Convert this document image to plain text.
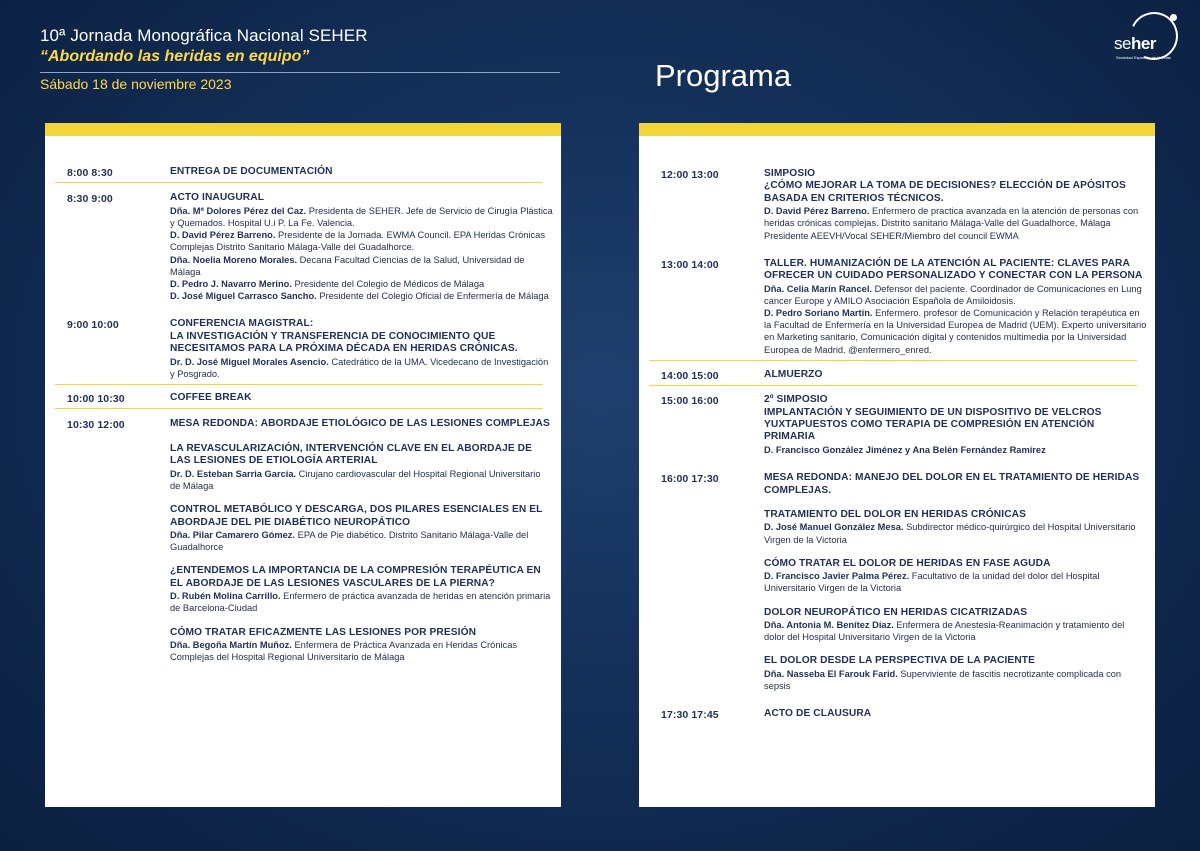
10ª Jornada Monográfica Nacional SEHER
“Abordando las heridas en equipo”
Sábado 18 de noviembre 2023	Programa
seher
Sociedad Española de Heridas
8:00 8:30	ENTREGA DE DOCUMENTACIÓN
8:30 9:00	ACTO INAUGURAL
Dña. Mª Dolores Pérez del Caz. Presidenta de SEHER. Jefe de Servicio de Cirugía Plástica y Quemados. Hospital U.i P. La Fe. Valencia.
D. David Pérez Barreno. Presidente de la Jornada. EWMA Council. EPA Heridas Crónicas Complejas Distrito Sanitario Málaga-Valle del Guadalhorce.
Dña. Noelia Moreno Morales. Decana Facultad Ciencias de la Salud, Universidad de Málaga
D. Pedro J. Navarro Merino. Presidente del Colegio de Médicos de Málaga
D. José Miguel Carrasco Sancho. Presidente del Colegio Oficial de Enfermería de Málaga
9:00 10:00	CONFERENCIA MAGISTRAL:
LA INVESTIGACIÓN Y TRANSFERENCIA DE CONOCIMIENTO QUE NECESITAMOS PARA LA PRÓXIMA DÉCADA EN HERIDAS CRÓNICAS.
Dr. D. José Miguel Morales Asencio. Catedrático de la UMA. Vicedecano de Investigación y Posgrado.
10:00 10:30	COFFEE BREAK
10:30 12:00	MESA REDONDA: ABORDAJE ETIOLÓGICO DE LAS LESIONES COMPLEJAS
LA REVASCULARIZACIÓN, INTERVENCIÓN CLAVE EN EL ABORDAJE DE LAS LESIONES DE ETIOLOGÍA ARTERIAL
Dr. D. Esteban Sarria García. Cirujano cardiovascular del Hospital Regional Universitario de Málaga
CONTROL METABÓLICO Y DESCARGA, DOS PILARES ESENCIALES EN EL ABORDAJE DEL PIE DIABÉTICO NEUROPÁTICO
Dña. Pilar Camarero Gómez. EPA de Pie diabético. Distrito Sanitario Málaga-Valle del Guadalhorce
¿ENTENDEMOS LA IMPORTANCIA DE LA COMPRESIÓN TERAPÉUTICA EN EL ABORDAJE DE LAS LESIONES VASCULARES DE LA PIERNA?
D. Rubén Molina Carrillo. Enfermero de práctica avanzada de heridas en atención primaria de Barcelona-Ciudad
CÓMO TRATAR EFICAZMENTE LAS LESIONES POR PRESIÓN
Dña. Begoña Martín Muñoz. Enfermera de Práctica Avanzada en Heridas Crónicas Complejas del Hospital Regional Universitario de Málaga
12:00 13:00	SIMPOSIO
¿CÓMO MEJORAR LA TOMA DE DECISIONES? ELECCIÓN DE APÓSITOS BASADA EN CRITERIOS TÉCNICOS.
D. David Pérez Barreno. Enfermero de practica avanzada en la atención de personas con heridas crónicas complejas. Distrito sanitario Málaga-Valle del Guadalhorce, Málaga
Presidente AEEVH/Vocal SEHER/Miembro del council EWMA
13:00 14:00	TALLER. HUMANIZACIÓN DE LA ATENCIÓN AL PACIENTE: CLAVES PARA OFRECER UN CUIDADO PERSONALIZADO Y CONECTAR CON LA PERSONA
Dña. Celia Marín Rancel. Defensor del paciente. Coordinador de Comunicaciones en Lung cancer Europe y AMILO Asociación Española de Amiloidosis.
D. Pedro Soriano Martín. Enfermero. profesor de Comunicación y Relación terapéutica en la Facultad de Enfermería en la Universidad Europea de Madrid (UEM). Experto universitario en Marketing sanitario, Comunicación digital y contenidos multimedia por la Universidad Europea de Madrid. @enfermero_enred.
14:00 15:00	ALMUERZO
15:00 16:00	2º SIMPOSIO
IMPLANTACIÓN Y SEGUIMIENTO DE UN DISPOSITIVO DE VELCROS YUXTAPUESTOS COMO TERAPIA DE COMPRESIÓN EN ATENCIÓN PRIMARIA
D. Francisco González Jiménez y Ana Belén Fernández Ramírez
16:00 17:30	MESA REDONDA: MANEJO DEL DOLOR EN EL TRATAMIENTO DE HERIDAS COMPLEJAS.
TRATAMIENTO DEL DOLOR EN HERIDAS CRÓNICAS
D. José Manuel González Mesa. Subdirector médico-quirúrgico del Hospital Universitario Virgen de la Victoria
CÓMO TRATAR EL DOLOR DE HERIDAS EN FASE AGUDA
D. Francisco Javier Palma Pérez. Facultativo de la unidad del dolor del Hospital Universitario Virgen de la Victoria
DOLOR NEUROPÁTICO EN HERIDAS CICATRIZADAS
Dña. Antonia M. Benítez Díaz. Enfermera de Anestesia-Reanimación y tratamiento del dolor del Hospital Universitario Virgen de la Victoria
EL DOLOR DESDE LA PERSPECTIVA DE LA PACIENTE
Dña. Nasseba El Farouk Farid. Superviviente de fascitis necrotizante complicada con sepsis
17:30 17:45	ACTO DE CLAUSURA
